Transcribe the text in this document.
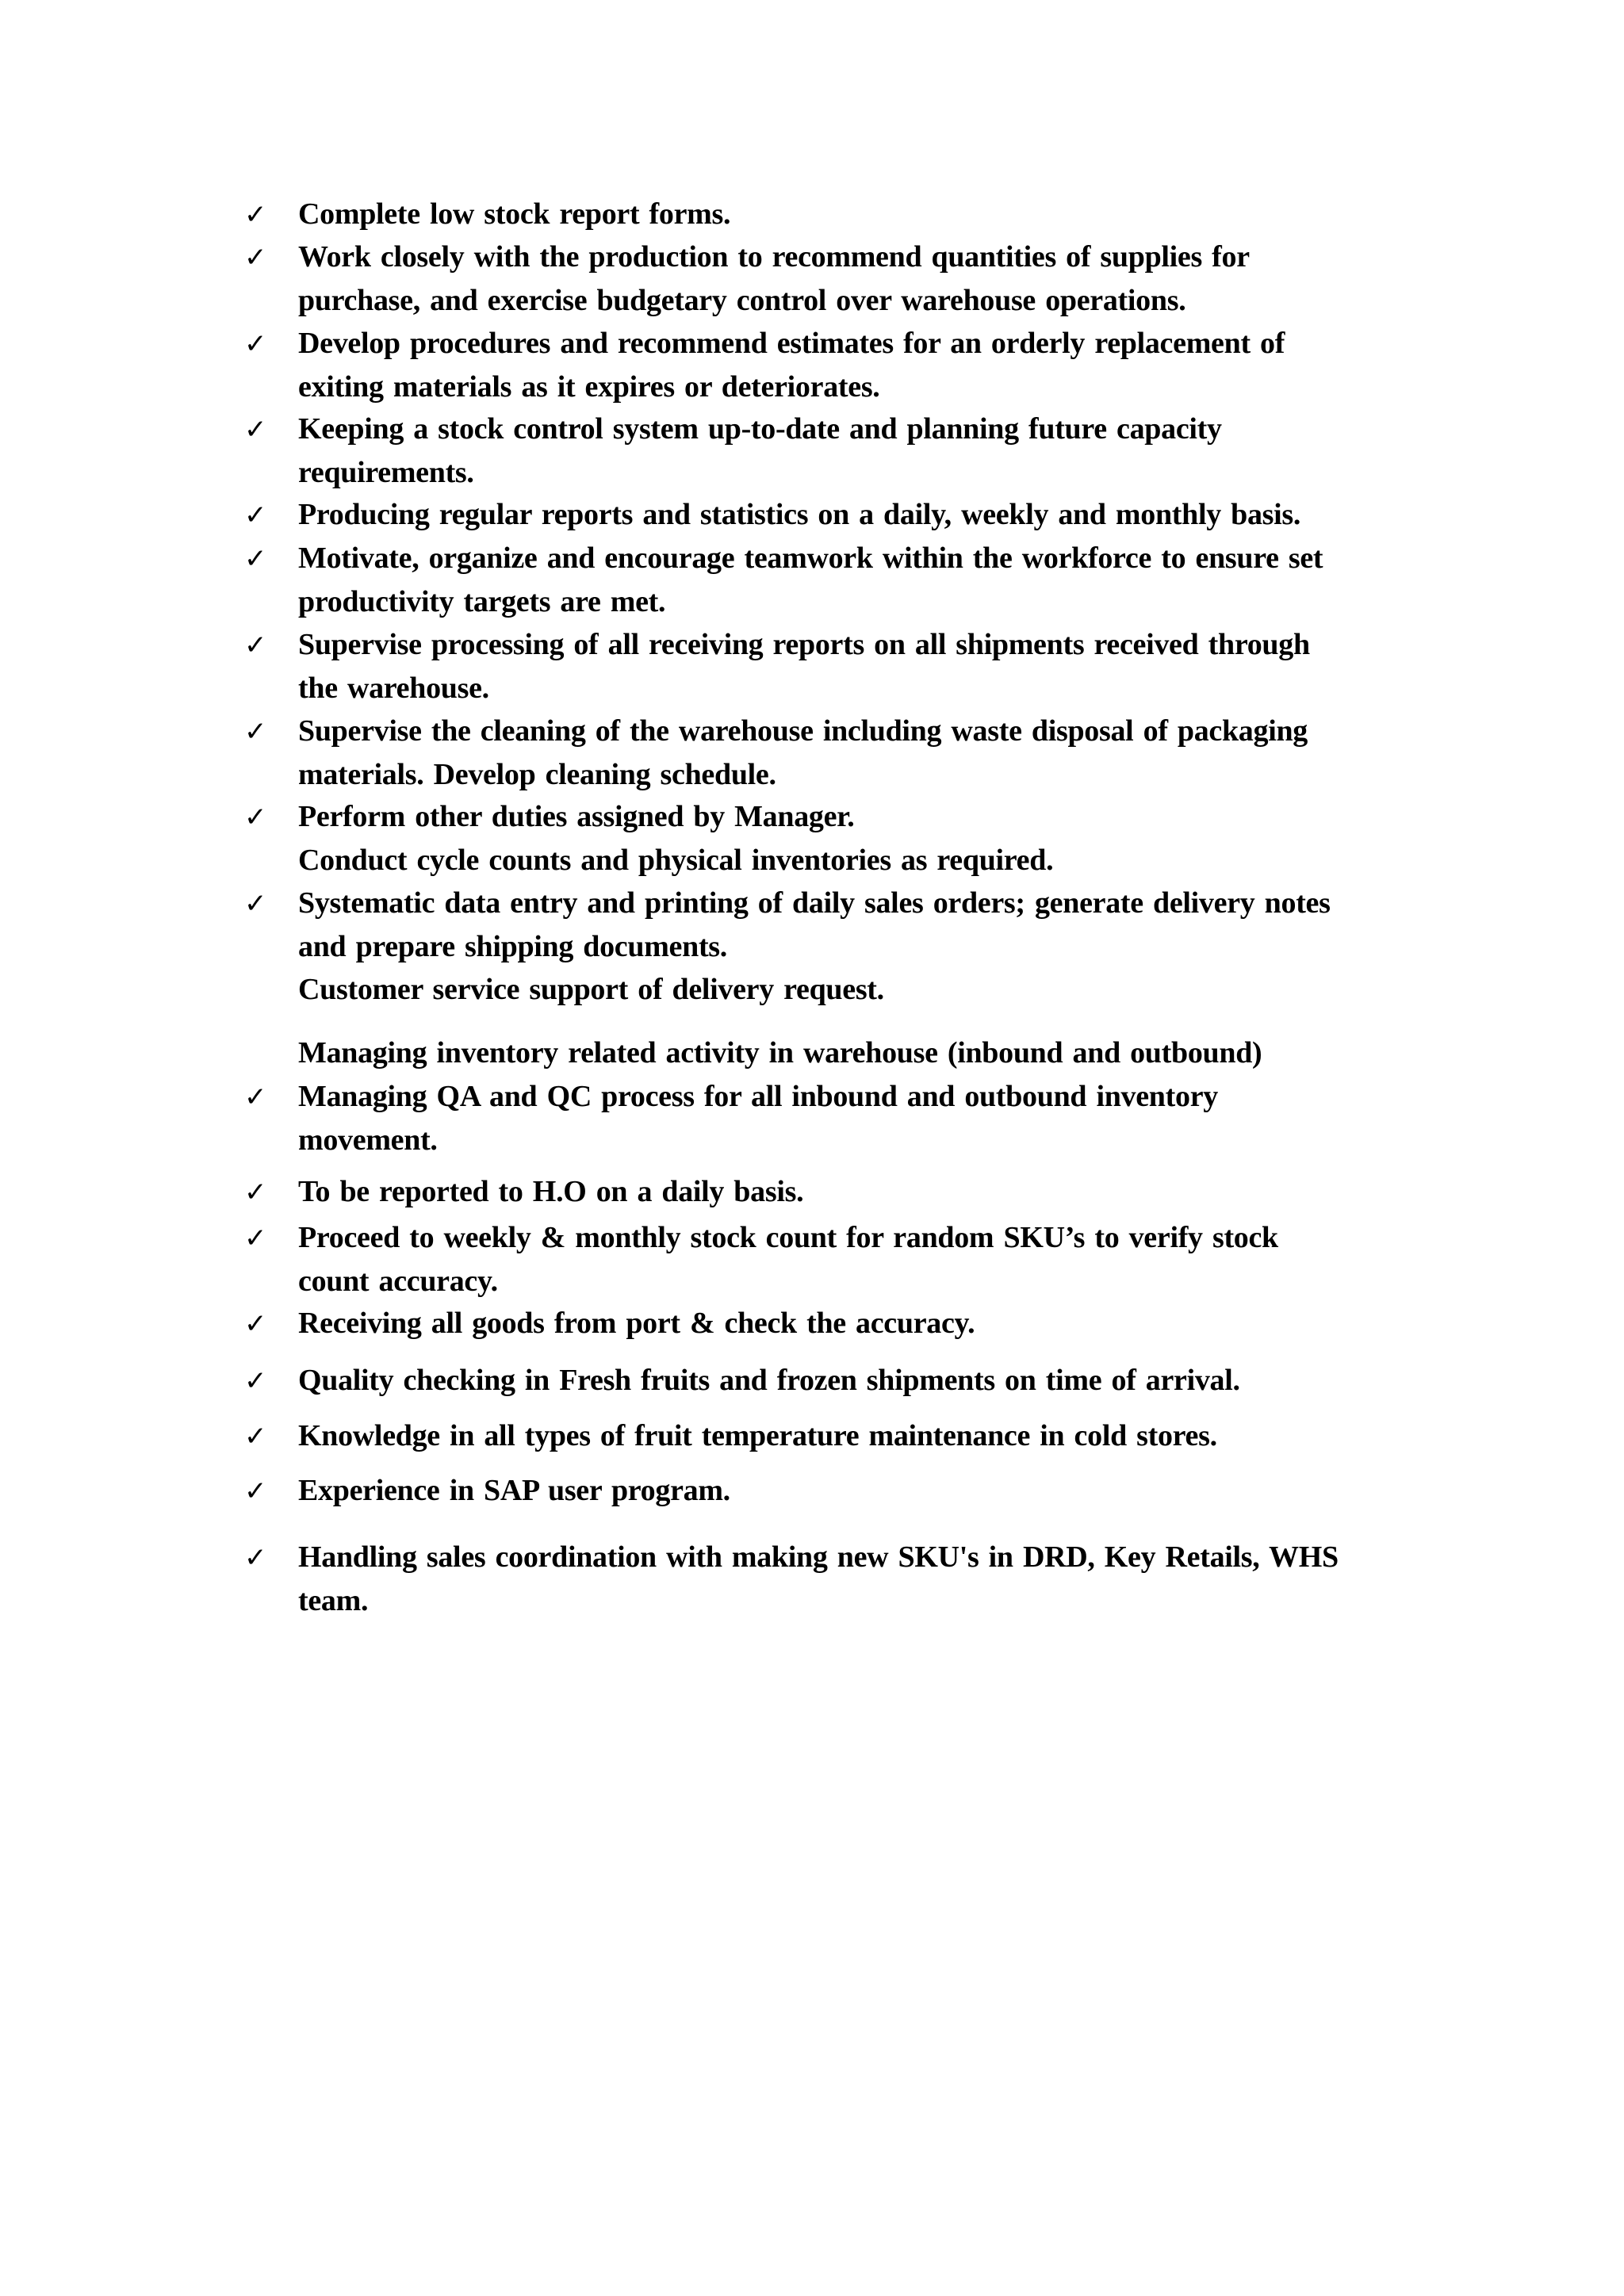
✓ Complete low stock report forms.
✓ Work closely with the production to recommend quantities of supplies for
purchase, and exercise budgetary control over warehouse operations.
✓ Develop procedures and recommend estimates for an orderly replacement of
exiting materials as it expires or deteriorates.
✓ Keeping a stock control system up-to-date and planning future capacity
requirements.
✓ Producing regular reports and statistics on a daily, weekly and monthly basis.
✓ Motivate, organize and encourage teamwork within the workforce to ensure set
productivity targets are met.
✓ Supervise processing of all receiving reports on all shipments received through
the warehouse.
✓ Supervise the cleaning of the warehouse including waste disposal of packaging
materials. Develop cleaning schedule.
✓ Perform other duties assigned by Manager.
Conduct cycle counts and physical inventories as required.
✓ Systematic data entry and printing of daily sales orders; generate delivery notes
and prepare shipping documents.
Customer service support of delivery request.
Managing inventory related activity in warehouse (inbound and outbound)
✓ Managing QA and QC process for all inbound and outbound inventory
movement.
✓ To be reported to H.O on a daily basis.
✓ Proceed to weekly & monthly stock count for random SKU’s to verify stock
count accuracy.
✓ Receiving all goods from port & check the accuracy.
✓ Quality checking in Fresh fruits and frozen shipments on time of arrival.
✓ Knowledge in all types of fruit temperature maintenance in cold stores.
✓ Experience in SAP user program.
✓ Handling sales coordination with making new SKU's in DRD, Key Retails, WHS
team.
